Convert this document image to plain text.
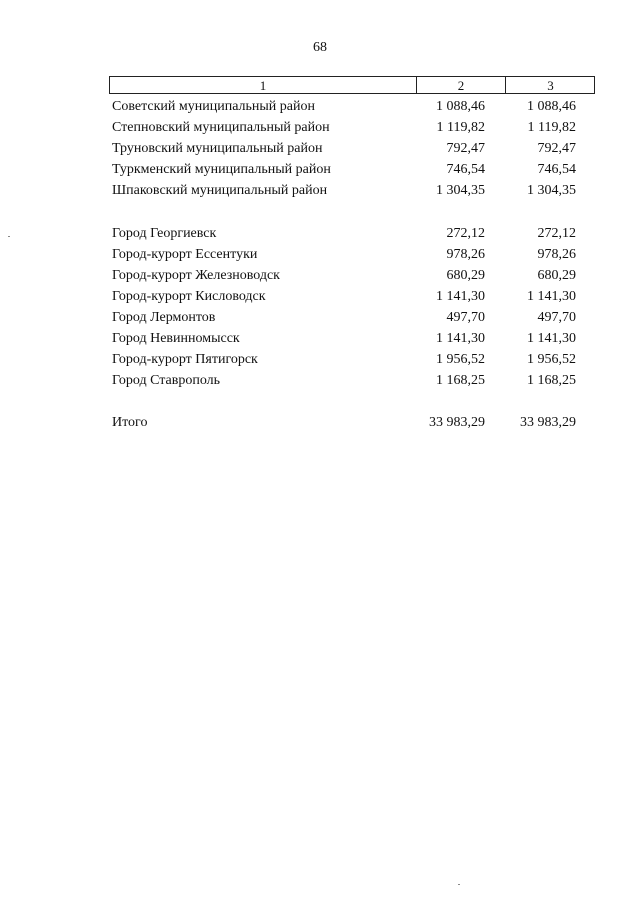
68
1	2	3
Советский муниципальный район	1 088,46	1 088,46
Степновский муниципальный район	1 119,82	1 119,82
Труновский муниципальный район	792,47	792,47
Туркменский муниципальный район	746,54	746,54
Шпаковский муниципальный район	1 304,35	1 304,35
Город Георгиевск	272,12	272,12
Город-курорт Ессентуки	978,26	978,26
Город-курорт Железноводск	680,29	680,29
Город-курорт Кисловодск	1 141,30	1 141,30
Город Лермонтов	497,70	497,70
Город Невинномысск	1 141,30	1 141,30
Город-курорт Пятигорск	1 956,52	1 956,52
Город Ставрополь	1 168,25	1 168,25
Итого	33 983,29	33 983,29
